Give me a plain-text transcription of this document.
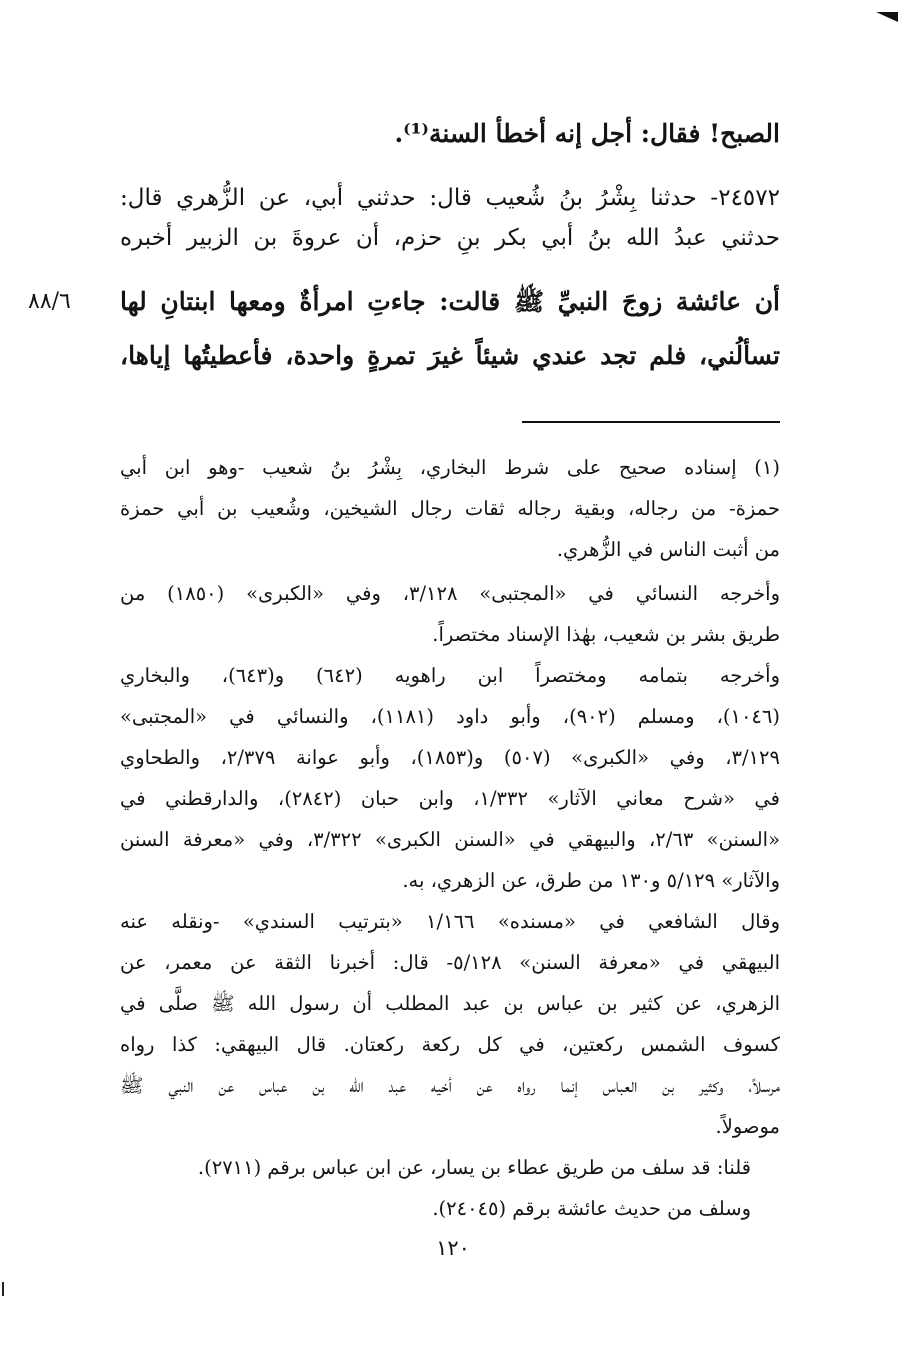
الصبح! فقال: أجل إنه أخطأ السنة⁽¹⁾.
٢٤٥٧٢- حدثنا بِشْرُ بنُ شُعيب قال: حدثني أبي، عن الزُّهري قال:
حدثني عبدُ الله بنُ أبي بكر بنِ حزم، أن عروةَ بن الزبير أخبره
أن عائشة زوجَ النبيِّ ﷺ قالت: جاءتِ امرأةٌ ومعها ابنتانِ لها
تسألُني، فلم تجد عندي شيئاً غيرَ تمرةٍ واحدة، فأعطيتُها إياها،
٨٨/٦
(١) إسناده صحيح على شرط البخاري، بِشْرُ بنُ شعيب -وهو ابن أبي
حمزة- من رجاله، وبقية رجاله ثقات رجال الشيخين، وشُعيب بن أبي حمزة
من أثبت الناس في الزُّهري.
وأخرجه النسائي في «المجتبى» ٣/١٢٨، وفي «الكبرى» (١٨٥٠) من
طريق بشر بن شعيب، بهٰذا الإسناد مختصراً.
وأخرجه بتمامه ومختصراً ابن راهويه (٦٤٢) و(٦٤٣)، والبخاري
(١٠٤٦)، ومسلم (٩٠٢)، وأبو داود (١١٨١)، والنسائي في «المجتبى»
٣/١٢٩، وفي «الكبرى» (٥٠٧) و(١٨٥٣)، وأبو عوانة ٢/٣٧٩، والطحاوي
في «شرح معاني الآثار» ١/٣٣٢، وابن حبان (٢٨٤٢)، والدارقطني في
«السنن» ٢/٦٣، والبيهقي في «السنن الكبرى» ٣/٣٢٢، وفي «معرفة السنن
والآثار» ٥/١٢٩ و١٣٠ من طرق، عن الزهري، به.
وقال الشافعي في «مسنده» ١/١٦٦ «بترتيب السندي» -ونقله عنه
البيهقي في «معرفة السنن» ٥/١٢٨- قال: أخبرنا الثقة عن معمر، عن
الزهري، عن كثير بن عباس بن عبد المطلب أن رسول الله ﷺ صلَّى في
كسوف الشمس ركعتين، في كل ركعة ركعتان. قال البيهقي: كذا رواه
مرسلاً، وكثير بن العباس إنما رواه عن أخيه عبد الله بن عباس عن النبي ﷺ
موصولاً.
قلنا: قد سلف من طريق عطاء بن يسار، عن ابن عباس برقم (٢٧١١).
وسلف من حديث عائشة برقم (٢٤٠٤٥).
١٢٠
